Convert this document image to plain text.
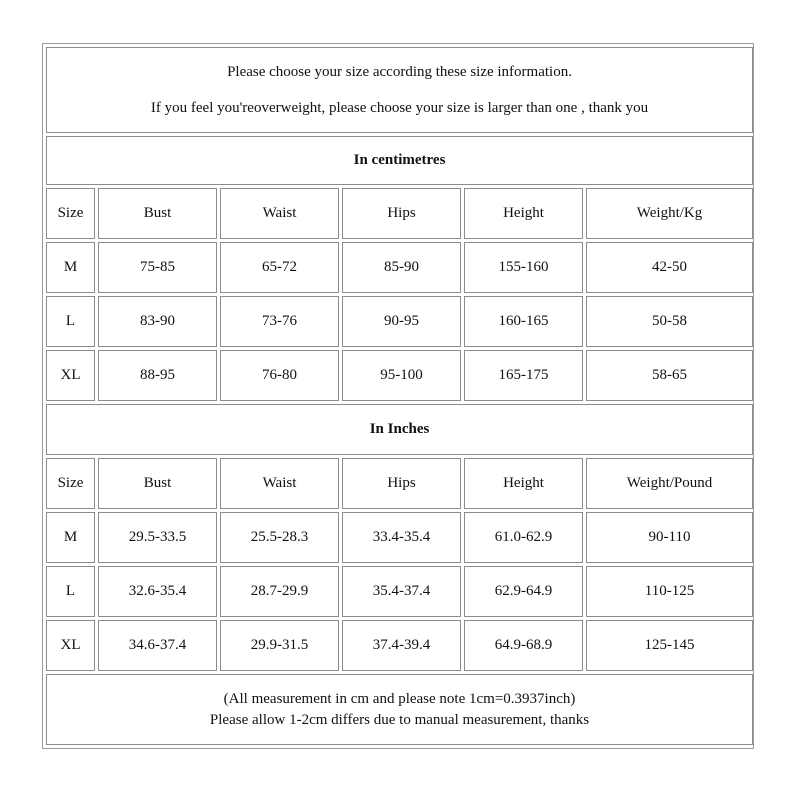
Please choose your size according these size information.

If you feel you'reoverweight, please choose your size is larger than one , thank you					

In centimetres					
Size	Bust	Waist	Hips	Height	Weight/Kg
M	75-85	65-72	85-90	155-160	42-50
L	83-90	73-76	90-95	160-165	50-58
XL	88-95	76-80	95-100	165-175	58-65
In Inches					
Size	Bust	Waist	Hips	Height	Weight/Pound
M	29.5-33.5	25.5-28.3	33.4-35.4	61.0-62.9	90-110
L	32.6-35.4	28.7-29.9	35.4-37.4	62.9-64.9	110-125
XL	34.6-37.4	29.9-31.5	37.4-39.4	64.9-68.9	125-145

(All measurement in cm and please note 1cm=0.3937inch)

Please allow 1-2cm differs due to manual measurement, thanks					
